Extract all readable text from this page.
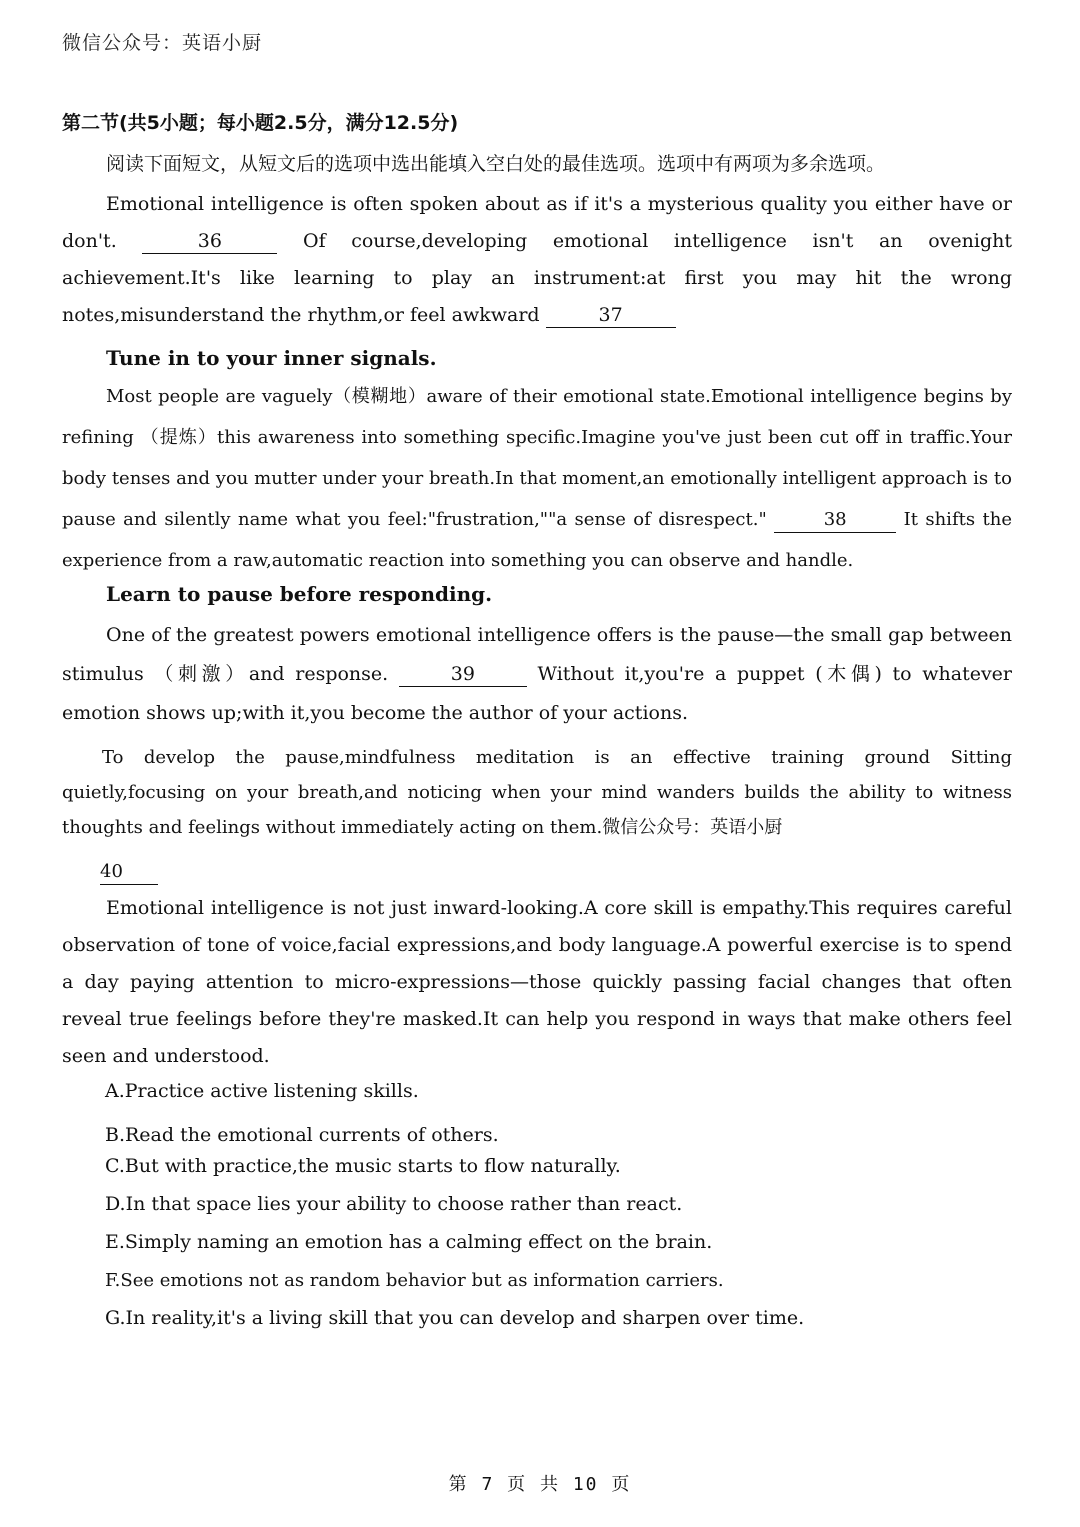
微信公众号：英语小厨
第二节(共5小题；每小题2.5分，满分12.5分)
阅读下面短文，从短文后的选项中选出能填入空白处的最佳选项。选项中有两项为多余选项。
Emotional intelligence is often spoken about as if it's a mysterious quality you either have or don't.	36	Of course,developing emotional intelligence isn't an ovenight achievement.It's like learning to play an instrument:at first you may hit the wrong notes,misunderstand the rhythm,or feel awkward	37
Tune in to your inner signals.
Most people are vaguely（模糊地）aware of their emotional state.Emotional intelligence begins by refining （提炼）this awareness into something specific.Imagine you've just been cut off in traffic.Your body tenses and you mutter under your breath.In that moment,an emotionally intelligent approach is to pause and silently name what you feel:"frustration,""a sense of disrespect."	38	It shifts the experience from a raw,automatic reaction into something you can observe and handle.
Learn to pause before responding.
One of the greatest powers emotional intelligence offers is the pause—the small gap between stimulus （刺激）and response.	39	Without it,you're a puppet (木偶) to whatever emotion shows up;with it,you become the author of your actions.
To develop the pause,mindfulness meditation is an effective training ground Sitting quietly,focusing on your breath,and noticing when your mind wanders builds the ability to witness thoughts and feelings without immediately acting on them.微信公众号：英语小厨
40
Emotional intelligence is not just inward-looking.A core skill is empathy.This requires careful observation of tone of voice,facial expressions,and body language.A powerful exercise is to spend a day paying attention to micro-expressions—those quickly passing facial changes that often reveal true feelings before they're masked.It can help you respond in ways that make others feel seen and understood.
A.Practice active listening skills.
B.Read the emotional currents of others.
C.But with practice,the music starts to flow naturally.
D.In that space lies your ability to choose rather than react.
E.Simply naming an emotion has a calming effect on the brain.
F.See emotions not as random behavior but as information carriers.
G.In reality,it's a living skill that you can develop and sharpen over time.
第 7 页 共 10 页
